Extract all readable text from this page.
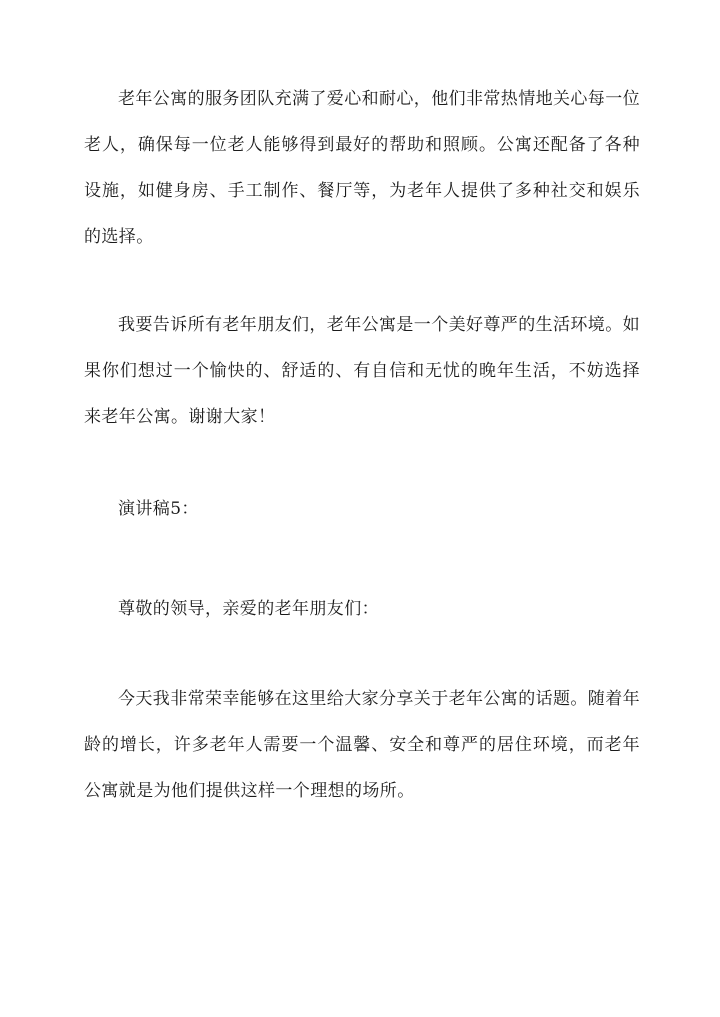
老年公寓的服务团队充满了爱心和耐心，他们非常热情地关心每一位老人，确保每一位老人能够得到最好的帮助和照顾。公寓还配备了各种设施，如健身房、手工制作、餐厅等，为老年人提供了多种社交和娱乐的选择。

我要告诉所有老年朋友们，老年公寓是一个美好尊严的生活环境。如果你们想过一个愉快的、舒适的、有自信和无忧的晚年生活，不妨选择来老年公寓。谢谢大家！

演讲稿5：

尊敬的领导，亲爱的老年朋友们：

今天我非常荣幸能够在这里给大家分享关于老年公寓的话题。随着年龄的增长，许多老年人需要一个温馨、安全和尊严的居住环境，而老年公寓就是为他们提供这样一个理想的场所。
